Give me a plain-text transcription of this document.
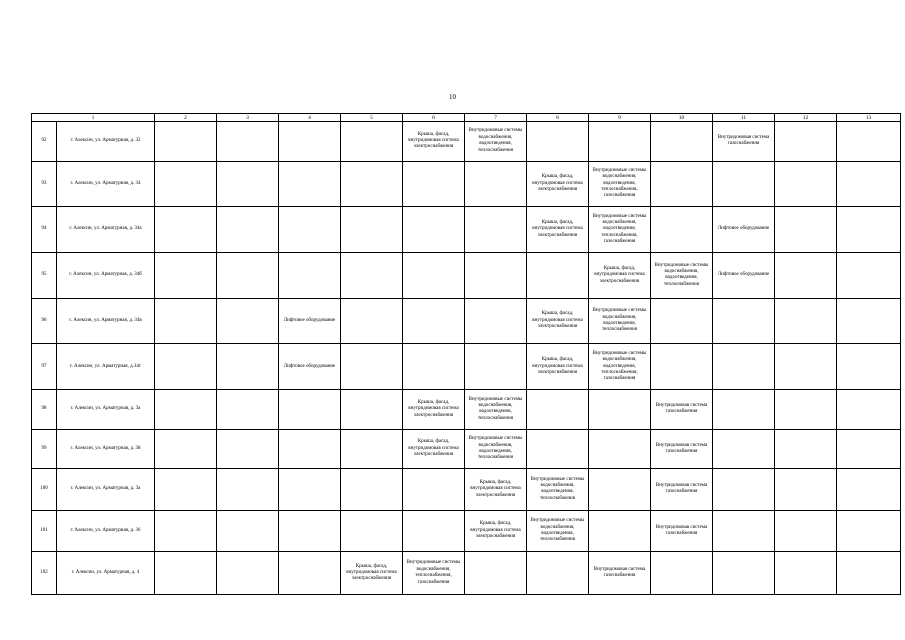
10
1		2	3	4	5	6	7	8	9	10	11	12	13
92	г. Алексин, ул. Арматурная, д. 32					Крыша, фасад, внутридомовая система электроснабжения	Внутридомовые системы водоснабжения, водоотведения, теплоснабжения				Внутридомовая система газоснабжения		
93	г. Алексин, ул. Арматурная, д. 34							Крыша, фасад, внутридомовая система электроснабжения	Внутридомовые системы водоснабжения, водоотведения, теплоснабжения, газоснабжения				
94	г. Алексин, ул. Арматурная, д. 34а							Крыша, фасад, внутридомовая система электроснабжения	Внутридомовые системы водоснабжения, водоотведения, теплоснабжения, газоснабжения		Лифтовое оборудование		
95	г. Алексин, ул. Арматурная, д. 34б								Крыша, фасад, внутридомовая система электроснабжения	Внутридомовые системы водоснабжения, водоотведения, теплоснабжения	Лифтовое оборудование		
96	г. Алексин, ул. Арматурная, д. 34в			Лифтовое оборудование				Крыша, фасад, внутридомовая система электроснабжения	Внутридомовые системы водоснабжения, водоотведения, теплоснабжения				
97	г. Алексин, ул. Арматурная, д.34г			Лифтовое оборудование				Крыша, фасад, внутридомовая система электроснабжения	Внутридомовые системы водоснабжения, водоотведения, теплоснабжения, газоснабжения				
98	г. Алексин, ул. Арматурная, д. 3а					Крыша, фасад, внутридомовая система электроснабжения	Внутридомовые системы водоснабжения, водоотведения, теплоснабжения			Внутридомовая система газоснабжения			
99	г. Алексин, ул. Арматурная, д. 38					Крыша, фасад, внутридомовая система электроснабжения	Внутридомовые системы водоснабжения, водоотведения, теплоснабжения			Внутридомовая система газоснабжения			
100	г. Алексин, ул. Арматурная, д. 3а						Крыша, фасад, внутридомовая система электроснабжения	Внутридомовые системы водоснабжения, водоотведения, теплоснабжения		Внутридомовая система газоснабжения			
101	г. Алексин, ул. Арматурная, д. 36						Крыша, фасад, внутридомовая система электроснабжения	Внутридомовые системы водоснабжения, водоотведения, теплоснабжения		Внутридомовая система газоснабжения			
102	г. Алексин, ул. Арматурная, д. 4				Крыша, фасад, внутридомовая система электроснабжения	Внутридомовые системы водоснабжения, теплоснабжения, газоснабжения			Внутридомовая система газоснабжения				
